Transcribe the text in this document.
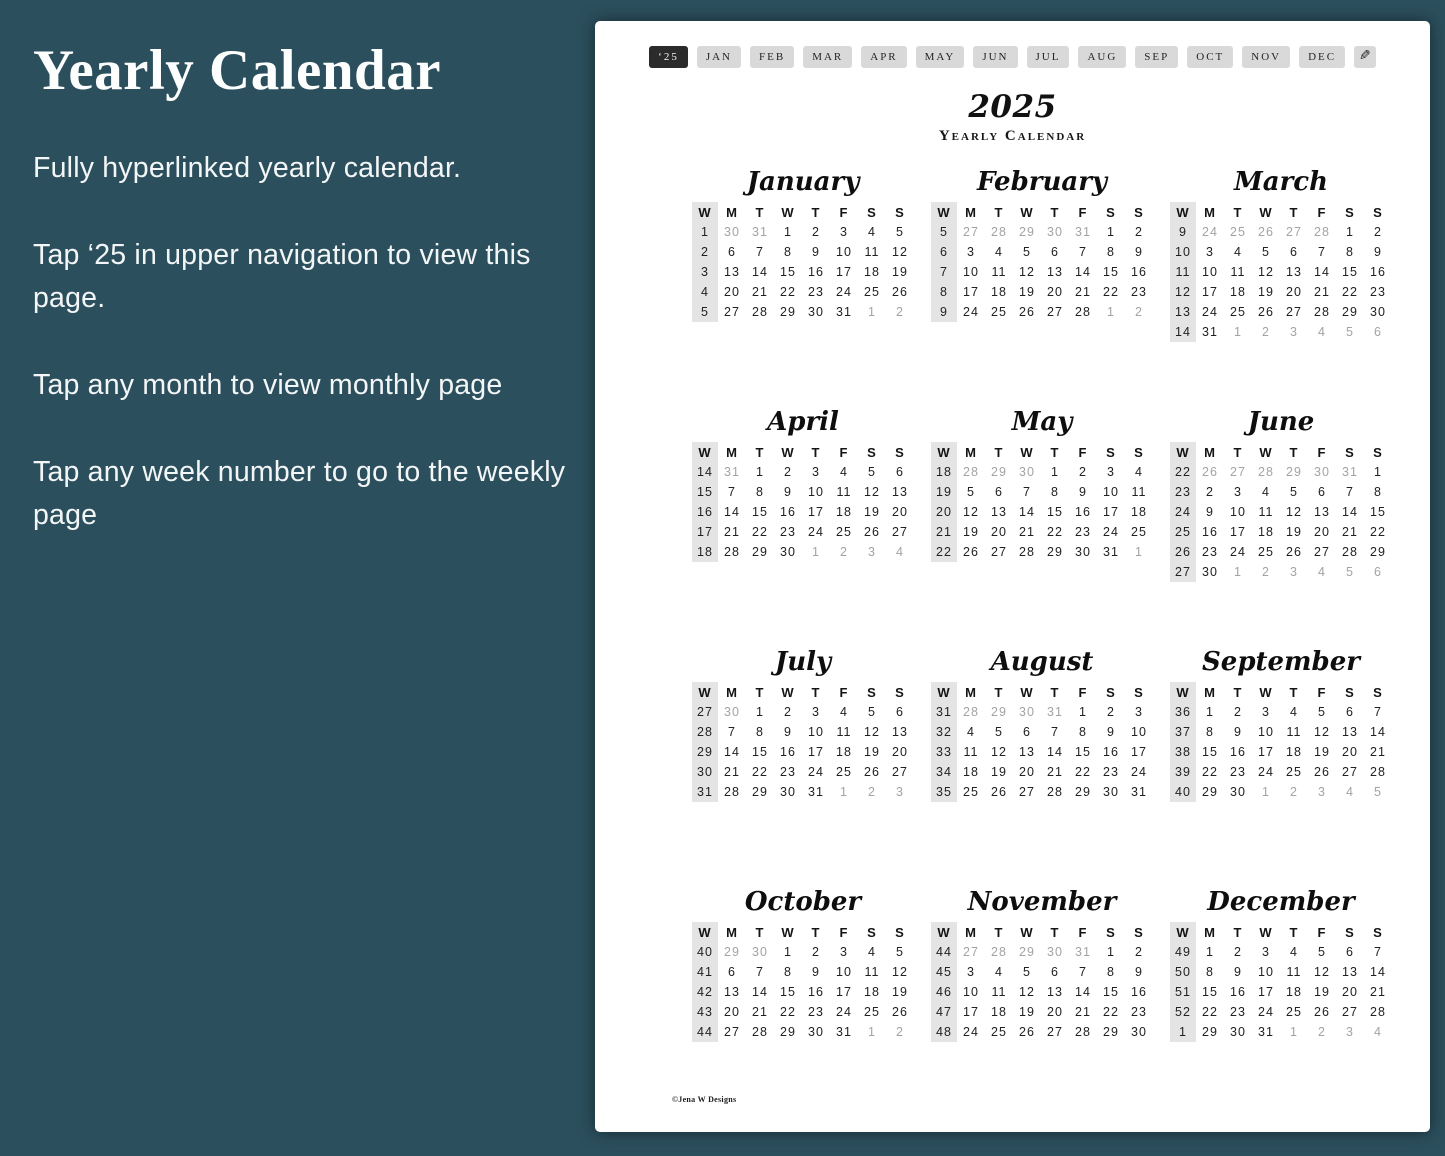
Yearly Calendar

Fully hyperlinked yearly calendar.

Tap ‘25 in upper navigation to view this page.

Tap any month to view monthly page

Tap any week number to go to the weekly page

‘25	JAN	FEB	MAR	APR	MAY	JUN	JUL	AUG	SEP	OCT	NOV	DEC	✎
2025
Yearly Calendar
January
W	M	T	W	T	F	S	S
1	30	31	1	2	3	4	5
2	6	7	8	9	10	11	12
3	13	14	15	16	17	18	19
4	20	21	22	23	24	25	26
5	27	28	29	30	31	1	2
February
W	M	T	W	T	F	S	S
5	27	28	29	30	31	1	2
6	3	4	5	6	7	8	9
7	10	11	12	13	14	15	16
8	17	18	19	20	21	22	23
9	24	25	26	27	28	1	2
March
W	M	T	W	T	F	S	S
9	24	25	26	27	28	1	2
10	3	4	5	6	7	8	9
11	10	11	12	13	14	15	16
12	17	18	19	20	21	22	23
13	24	25	26	27	28	29	30
14	31	1	2	3	4	5	6
April
W	M	T	W	T	F	S	S
14	31	1	2	3	4	5	6
15	7	8	9	10	11	12	13
16	14	15	16	17	18	19	20
17	21	22	23	24	25	26	27
18	28	29	30	1	2	3	4
May
W	M	T	W	T	F	S	S
18	28	29	30	1	2	3	4
19	5	6	7	8	9	10	11
20	12	13	14	15	16	17	18
21	19	20	21	22	23	24	25
22	26	27	28	29	30	31	1
June
W	M	T	W	T	F	S	S
22	26	27	28	29	30	31	1
23	2	3	4	5	6	7	8
24	9	10	11	12	13	14	15
25	16	17	18	19	20	21	22
26	23	24	25	26	27	28	29
27	30	1	2	3	4	5	6
July
W	M	T	W	T	F	S	S
27	30	1	2	3	4	5	6
28	7	8	9	10	11	12	13
29	14	15	16	17	18	19	20
30	21	22	23	24	25	26	27
31	28	29	30	31	1	2	3
August
W	M	T	W	T	F	S	S
31	28	29	30	31	1	2	3
32	4	5	6	7	8	9	10
33	11	12	13	14	15	16	17
34	18	19	20	21	22	23	24
35	25	26	27	28	29	30	31
September
W	M	T	W	T	F	S	S
36	1	2	3	4	5	6	7
37	8	9	10	11	12	13	14
38	15	16	17	18	19	20	21
39	22	23	24	25	26	27	28
40	29	30	1	2	3	4	5
October
W	M	T	W	T	F	S	S
40	29	30	1	2	3	4	5
41	6	7	8	9	10	11	12
42	13	14	15	16	17	18	19
43	20	21	22	23	24	25	26
44	27	28	29	30	31	1	2
November
W	M	T	W	T	F	S	S
44	27	28	29	30	31	1	2
45	3	4	5	6	7	8	9
46	10	11	12	13	14	15	16
47	17	18	19	20	21	22	23
48	24	25	26	27	28	29	30
December
W	M	T	W	T	F	S	S
49	1	2	3	4	5	6	7
50	8	9	10	11	12	13	14
51	15	16	17	18	19	20	21
52	22	23	24	25	26	27	28
1	29	30	31	1	2	3	4
©Jena W Designs
